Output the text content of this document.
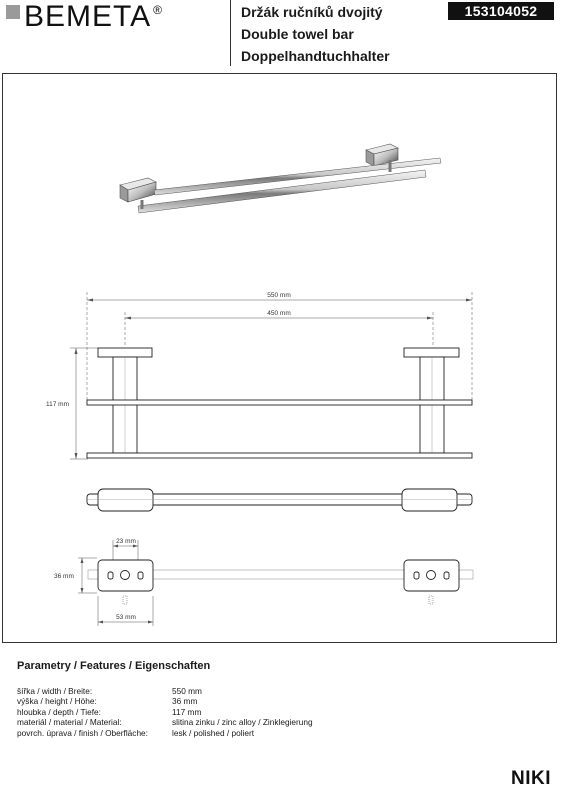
BEMETA ®	Držák ručníků dvojitý
Double towel bar
Doppelhandtuchhalter
153104052
550 mm
450 mm
117 mm
23 mm
36 mm
53 mm
Parametry / Features / Eigenschaften
šířka / width / Breite:	550 mm
výška / height / Höhe:	36 mm
hloubka / depth / Tiefe:	117 mm
materiál / material / Material:	slitina zinku / zinc alloy / Zinklegierung
povrch. úprava / finish / Oberfläche:	lesk / polished / poliert
NIKI
